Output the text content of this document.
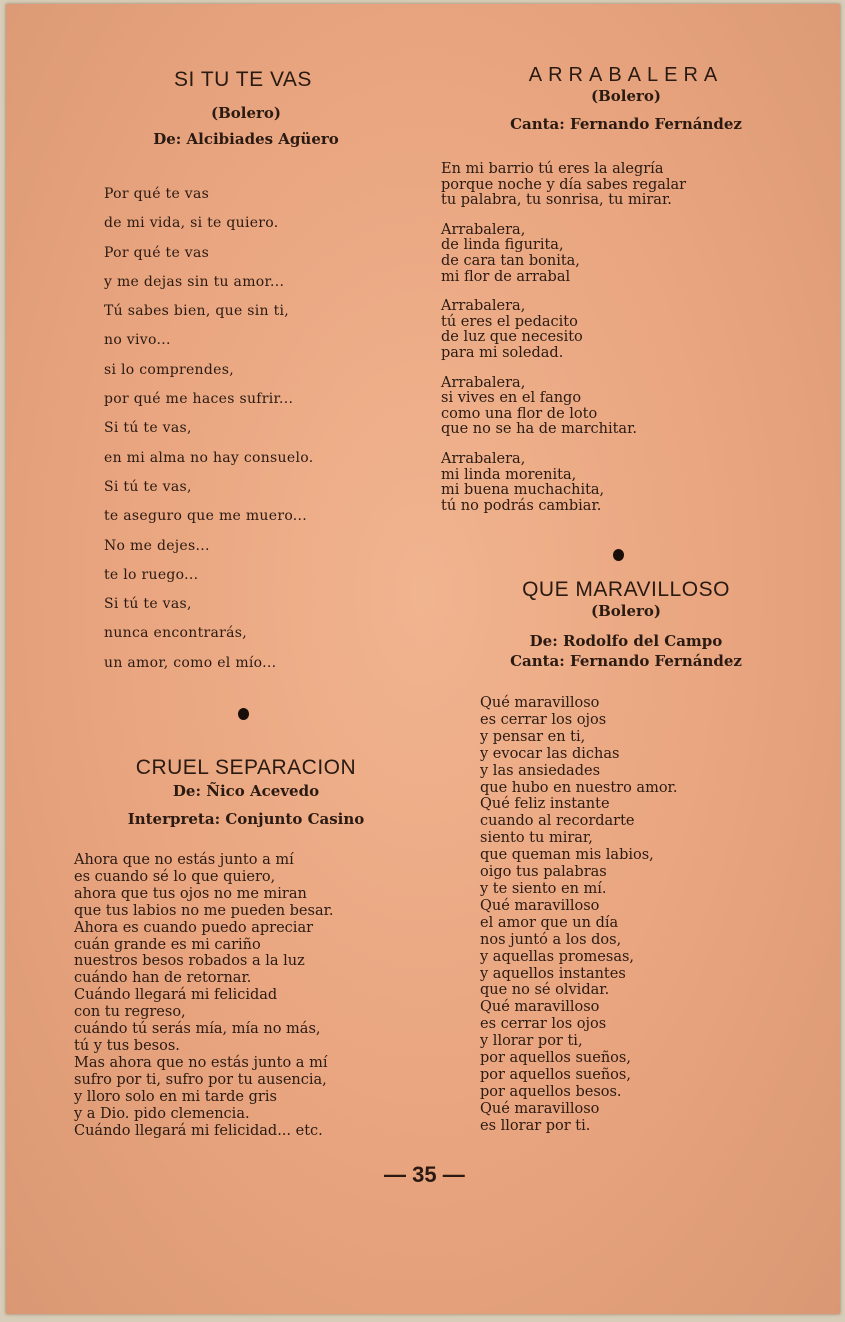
SI TU TE VAS
(Bolero)
De: Alcibiades Agüero
Por qué te vas
de mi vida, si te quiero.
Por qué te vas
y me dejas sin tu amor...
Tú sabes bien, que sin ti,
no vivo...
si lo comprendes,
por qué me haces sufrir...
Si tú te vas,
en mi alma no hay consuelo.
Si tú te vas,
te aseguro que me muero...
No me dejes...
te lo ruego...
Si tú te vas,
nunca encontrarás,
un amor, como el mío...
CRUEL SEPARACION
De: Ñico Acevedo
Interpreta: Conjunto Casino
Ahora que no estás junto a mí
es cuando sé lo que quiero,
ahora que tus ojos no me miran
que tus labios no me pueden besar.
Ahora es cuando puedo apreciar
cuán grande es mi cariño
nuestros besos robados a la luz
cuándo han de retornar.
Cuándo llegará mi felicidad
con tu regreso,
cuándo tú serás mía, mía no más,
tú y tus besos.
Mas ahora que no estás junto a mí
sufro por ti, sufro por tu ausencia,
y lloro solo en mi tarde gris
y a Dio. pido clemencia.
Cuándo llegará mi felicidad... etc.
ARRABALERA
(Bolero)
Canta: Fernando Fernández
En mi barrio tú eres la alegría
porque noche y día sabes regalar
tu palabra, tu sonrisa, tu mirar.
Arrabalera,
de linda figurita,
de cara tan bonita,
mi flor de arrabal
Arrabalera,
tú eres el pedacito
de luz que necesito
para mi soledad.
Arrabalera,
si vives en el fango
como una flor de loto
que no se ha de marchitar.
Arrabalera,
mi linda morenita,
mi buena muchachita,
tú no podrás cambiar.
QUE MARAVILLOSO
(Bolero)
De: Rodolfo del Campo
Canta: Fernando Fernández
Qué maravilloso
es cerrar los ojos
y pensar en ti,
y evocar las dichas
y las ansiedades
que hubo en nuestro amor.
Qué feliz instante
cuando al recordarte
siento tu mirar,
que queman mis labios,
oigo tus palabras
y te siento en mí.
Qué maravilloso
el amor que un día
nos juntó a los dos,
y aquellas promesas,
y aquellos instantes
que no sé olvidar.
Qué maravilloso
es cerrar los ojos
y llorar por ti,
por aquellos sueños,
por aquellos sueños,
por aquellos besos.
Qué maravilloso
es llorar por ti.
— 35 —
